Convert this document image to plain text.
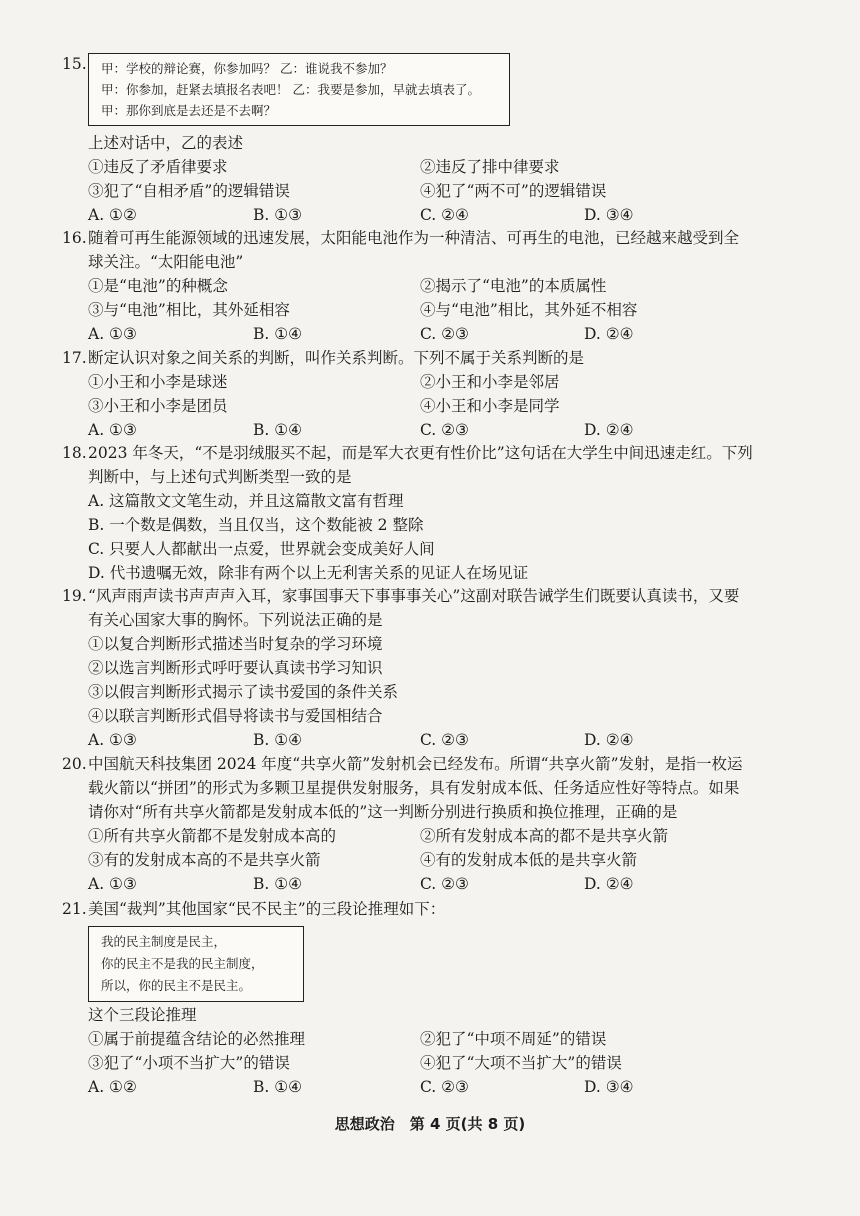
15. 甲：学校的辩论赛，你参加吗？ 乙：谁说我不参加？
甲：你参加，赶紧去填报名表吧！ 乙：我要是参加，早就去填表了。
甲：那你到底是去还是不去啊？
上述对话中，乙的表述
①违反了矛盾律要求	②违反了排中律要求
③犯了“自相矛盾”的逻辑错误	④犯了“两不可”的逻辑错误
A. ①②	B. ①③	C. ②④	D. ③④
16. 随着可再生能源领域的迅速发展，太阳能电池作为一种清洁、可再生的电池，已经越来越受到全
球关注。“太阳能电池”
①是“电池”的种概念	②揭示了“电池”的本质属性
③与“电池”相比，其外延相容	④与“电池”相比，其外延不相容
A. ①③	B. ①④	C. ②③	D. ②④
17. 断定认识对象之间关系的判断，叫作关系判断。下列不属于关系判断的是
①小王和小李是球迷	②小王和小李是邻居
③小王和小李是团员	④小王和小李是同学
A. ①③	B. ①④	C. ②③	D. ②④
18. 2023 年冬天，“不是羽绒服买不起，而是军大衣更有性价比”这句话在大学生中间迅速走红。下列
判断中，与上述句式判断类型一致的是
A. 这篇散文文笔生动，并且这篇散文富有哲理
B. 一个数是偶数，当且仅当，这个数能被 2 整除
C. 只要人人都献出一点爱，世界就会变成美好人间
D. 代书遗嘱无效，除非有两个以上无利害关系的见证人在场见证
19. “风声雨声读书声声声入耳，家事国事天下事事事关心”这副对联告诫学生们既要认真读书，又要
有关心国家大事的胸怀。下列说法正确的是
①以复合判断形式描述当时复杂的学习环境
②以选言判断形式呼吁要认真读书学习知识
③以假言判断形式揭示了读书爱国的条件关系
④以联言判断形式倡导将读书与爱国相结合
A. ①③	B. ①④	C. ②③	D. ②④
20. 中国航天科技集团 2024 年度“共享火箭”发射机会已经发布。所谓“共享火箭”发射，是指一枚运
载火箭以“拼团”的形式为多颗卫星提供发射服务，具有发射成本低、任务适应性好等特点。如果
请你对“所有共享火箭都是发射成本低的”这一判断分别进行换质和换位推理，正确的是
①所有共享火箭都不是发射成本高的	②所有发射成本高的都不是共享火箭
③有的发射成本高的不是共享火箭	④有的发射成本低的是共享火箭
A. ①③	B. ①④	C. ②③	D. ②④
21. 美国“裁判”其他国家“民不民主”的三段论推理如下：
我的民主制度是民主，
你的民主不是我的民主制度，
所以，你的民主不是民主。
这个三段论推理
①属于前提蕴含结论的必然推理	②犯了“中项不周延”的错误
③犯了“小项不当扩大”的错误	④犯了“大项不当扩大”的错误
A. ①②	B. ①④	C. ②③	D. ③④
思想政治　第 4 页(共 8 页)
